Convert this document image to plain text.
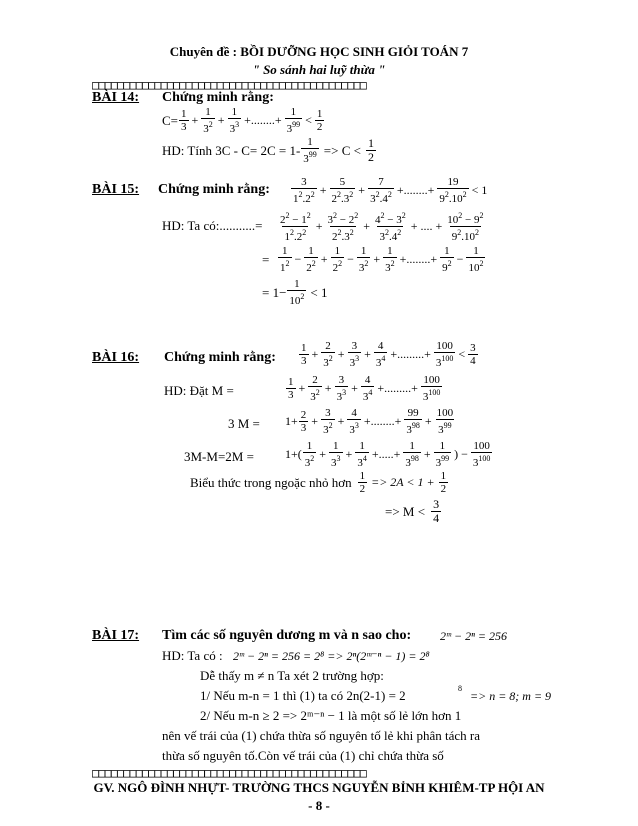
Chuyên đề : BỒI DƯỠNG HỌC SINH GIỎI TOÁN 7
" So sánh hai luỹ thừa "
□□□□□□□□□□□□□□□□□□□□□□□□□□□□□□□□□□□□□□□□□□□□
BÀI 14: Chứng minh rằng:
$C= \frac{1}{3} + \frac{1}{3^2} + \frac{1}{3^3}$ +........+ $\frac{1}{3^{99}} < \frac{1}{2}$
HD: Tính $3C - C= 2C = 1- \frac{1}{3^{99}} => C < \frac{1}{2}$
BÀI 15: Chứng minh rằng: $\frac{3}{1^2.2^2} + \frac{5}{2^2.3^2} + \frac{7}{3^2.4^2}$ +........+ $\frac{19}{9^2.10^2} < 1$
HD: Ta có:...........= $\frac{2^2 - 1^2}{1^2.2^2} + \frac{3^2 - 2^2}{2^2.3^2} + \frac{4^2 - 3^2}{3^2.4^2}$ + .... + $\frac{10^2 - 9^2}{9^2.10^2}$
= $\frac{1}{1^2} - \frac{1}{2^2} + \frac{1}{2^2} - \frac{1}{3^2} + \frac{1}{3^2}$ +........+ $\frac{1}{9^2} - \frac{1}{10^2}$
= $1- \frac{1}{10^2} < 1$
BÀI 16: Chứng minh rằng: $\frac{1}{3} + \frac{2}{3^2} + \frac{3}{3^3} + \frac{4}{3^4}$ +.........+ $\frac{100}{3^{100}} < \frac{3}{4}$
HD: Đặt M =	$\frac{1}{3} + \frac{2}{3^2} + \frac{3}{3^3} + \frac{4}{3^4}$ +.........+ $\frac{100}{3^{100}}$
3 $M = 1+ \frac{2}{3} + \frac{3}{3^2} + \frac{4}{3^3}$ +........+ $\frac{99}{3^{98}} + \frac{100}{3^{99}}$
3M-M=2M =	$1+( \frac{1}{3^2} + \frac{1}{3^3} + \frac{1}{3^4}$ +.....+ $\frac{1}{3^{98}} + \frac{1}{3^{99}}$ ) − $\frac{100}{3^{100}}$
Biểu thức trong ngoặc nhỏ hơn $\frac{1}{2} => 2A < 1 + \frac{1}{2}$
=> $M < \frac{3}{4}$
BÀI 17: Tìm các số nguyên dương m và n sao cho: 2ᵐ − 2ⁿ = 256
HD: Ta có : 2ᵐ − 2ⁿ = 256 = 2⁸ => 2ⁿ(2ᵐ⁻ⁿ − 1) = 2⁸
Dễ thấy m ≠ n Ta xét 2 trường hợp:
1/ Nếu m-n = 1 thì (1) ta có 2n(2-1) = 2	8
=> n = 8; m = 9
2/ Nếu m-n ≥ 2 => 2ᵐ⁻ⁿ − 1 là một số lẻ lớn hơn 1
nên vế trái của (1) chứa thừa số nguyên tố lẻ khi phân tách ra
thừa số nguyên tố.Còn vế trái của (1) chỉ chứa thừa số
□□□□□□□□□□□□□□□□□□□□□□□□□□□□□□□□□□□□□□□□□□□□
GV. NGÔ ĐÌNH NHỰT- TRƯỜNG THCS NGUYỄN BỈNH KHIÊM-TP HỘI AN
- 8 -
